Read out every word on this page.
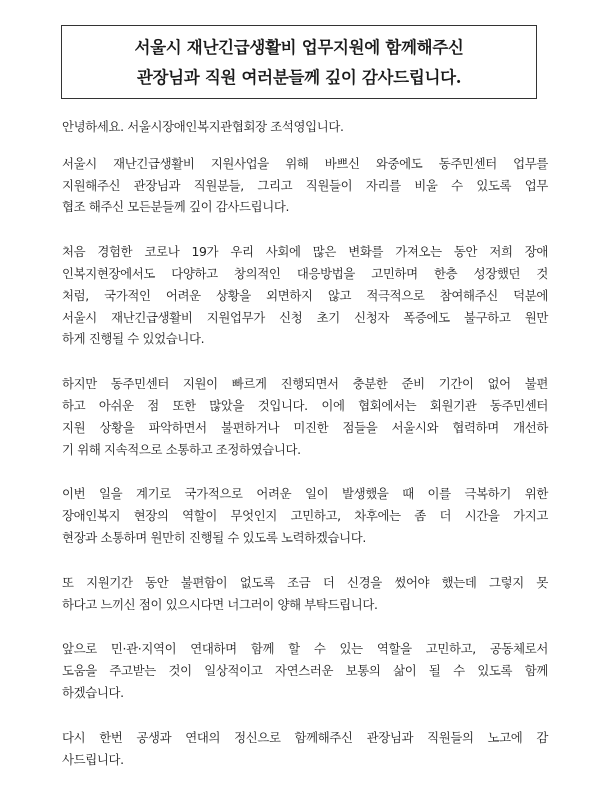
서울시 재난긴급생활비 업무지원에 함께해주신
관장님과 직원 여러분들께 깊이 감사드립니다.

안녕하세요. 서울시장애인복지관협회장 조석영입니다.

서울시 재난긴급생활비 지원사업을 위해 바쁘신 와중에도 동주민센터 업무를
지원해주신 관장님과 직원분들, 그리고 직원들이 자리를 비울 수 있도록 업무
협조 해주신 모든분들께 깊이 감사드립니다.

처음 경험한 코로나 19가 우리 사회에 많은 변화를 가져오는 동안 저희 장애
인복지현장에서도 다양하고 창의적인 대응방법을 고민하며 한층 성장했던 것
처럼, 국가적인 어려운 상황을 외면하지 않고 적극적으로 참여해주신 덕분에
서울시 재난긴급생활비 지원업무가 신청 초기 신청자 폭증에도 불구하고 원만
하게 진행될 수 있었습니다.

하지만 동주민센터 지원이 빠르게 진행되면서 충분한 준비 기간이 없어 불편
하고 아쉬운 점 또한 많았을 것입니다. 이에 협회에서는 회원기관 동주민센터
지원 상황을 파악하면서 불편하거나 미진한 점들을 서울시와 협력하며 개선하
기 위해 지속적으로 소통하고 조정하였습니다.

이번 일을 계기로 국가적으로 어려운 일이 발생했을 때 이를 극복하기 위한
장애인복지 현장의 역할이 무엇인지 고민하고, 차후에는 좀 더 시간을 가지고
현장과 소통하며 원만히 진행될 수 있도록 노력하겠습니다.

또 지원기간 동안 불편함이 없도록 조금 더 신경을 썼어야 했는데 그렇지 못
하다고 느끼신 점이 있으시다면 너그러이 양해 부탁드립니다.

앞으로 민·관·지역이 연대하며 함께 할 수 있는 역할을 고민하고, 공동체로서
도움을 주고받는 것이 일상적이고 자연스러운 보통의 삶이 될 수 있도록 함께
하겠습니다.

다시 한번 공생과 연대의 정신으로 함께해주신 관장님과 직원들의 노고에 감
사드립니다.
